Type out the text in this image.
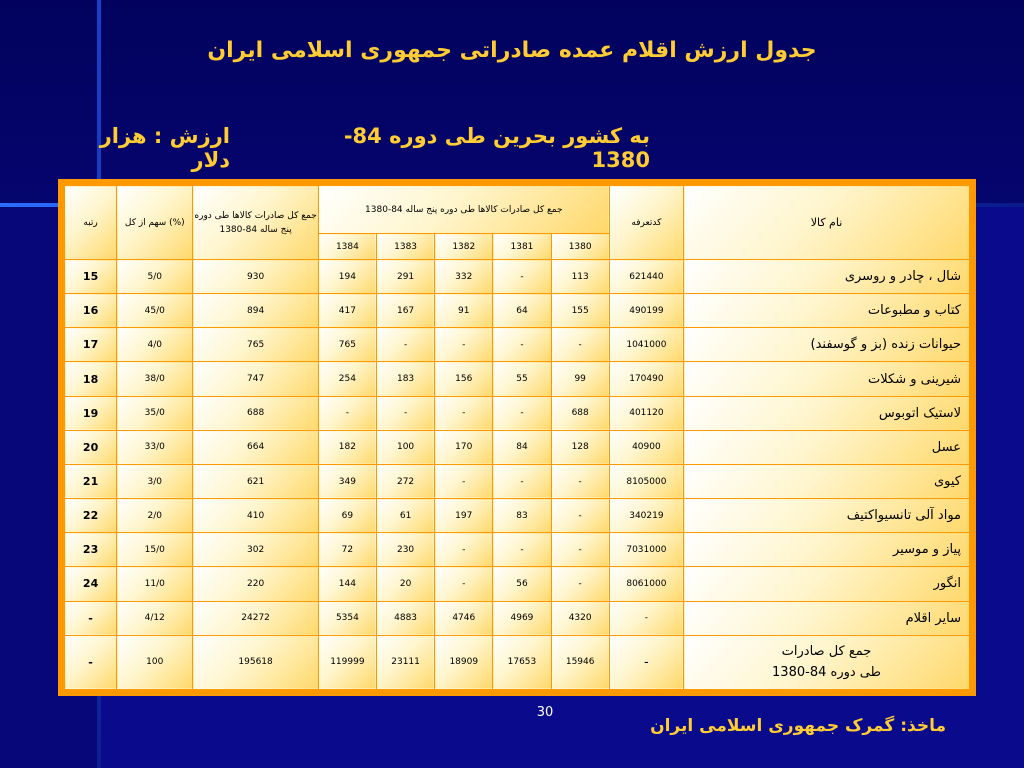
جدول ارزش اقلام عمده صادراتی جمهوری اسلامی ایران
به کشور بحرین طی دوره 84-1380
ارزش : هزار دلار
رتبه	سهم از کل (%)	جمع کل صادرات کالاها طی دوره پنج ساله 84-1380	جمع کل صادرات کالاها طی دوره پنج ساله 84-1380					کدتعرفه	نام کالا
			1384	1383	1382	1381	1380		
15	5/0	930	194	291	332	-	113	621440	شال ، چادر و روسری
16	45/0	894	417	167	91	64	155	490199	کتاب و مطبوعات
17	4/0	765	765	-	-	-	-	1041000	حیوانات زنده (بز و گوسفند)
18	38/0	747	254	183	156	55	99	170490	شیرینی و شکلات
19	35/0	688	-	-	-	-	688	401120	لاستیک اتوبوس
20	33/0	664	182	100	170	84	128	40900	عسل
21	3/0	621	349	272	-	-	-	8105000	کیوی
22	2/0	410	69	61	197	83	-	340219	مواد آلی تانسیواکتیف
23	15/0	302	72	230	-	-	-	7031000	پیاز و موسیر
24	11/0	220	144	20	-	56	-	8061000	انگور
-	4/12	24272	5354	4883	4746	4969	4320	-	سایر اقلام
-	100	195618	119999	23111	18909	17653	15946	-	جمع کل صادرات
طی دوره 84-1380
30
ماخذ: گمرک جمهوری اسلامی ایران
